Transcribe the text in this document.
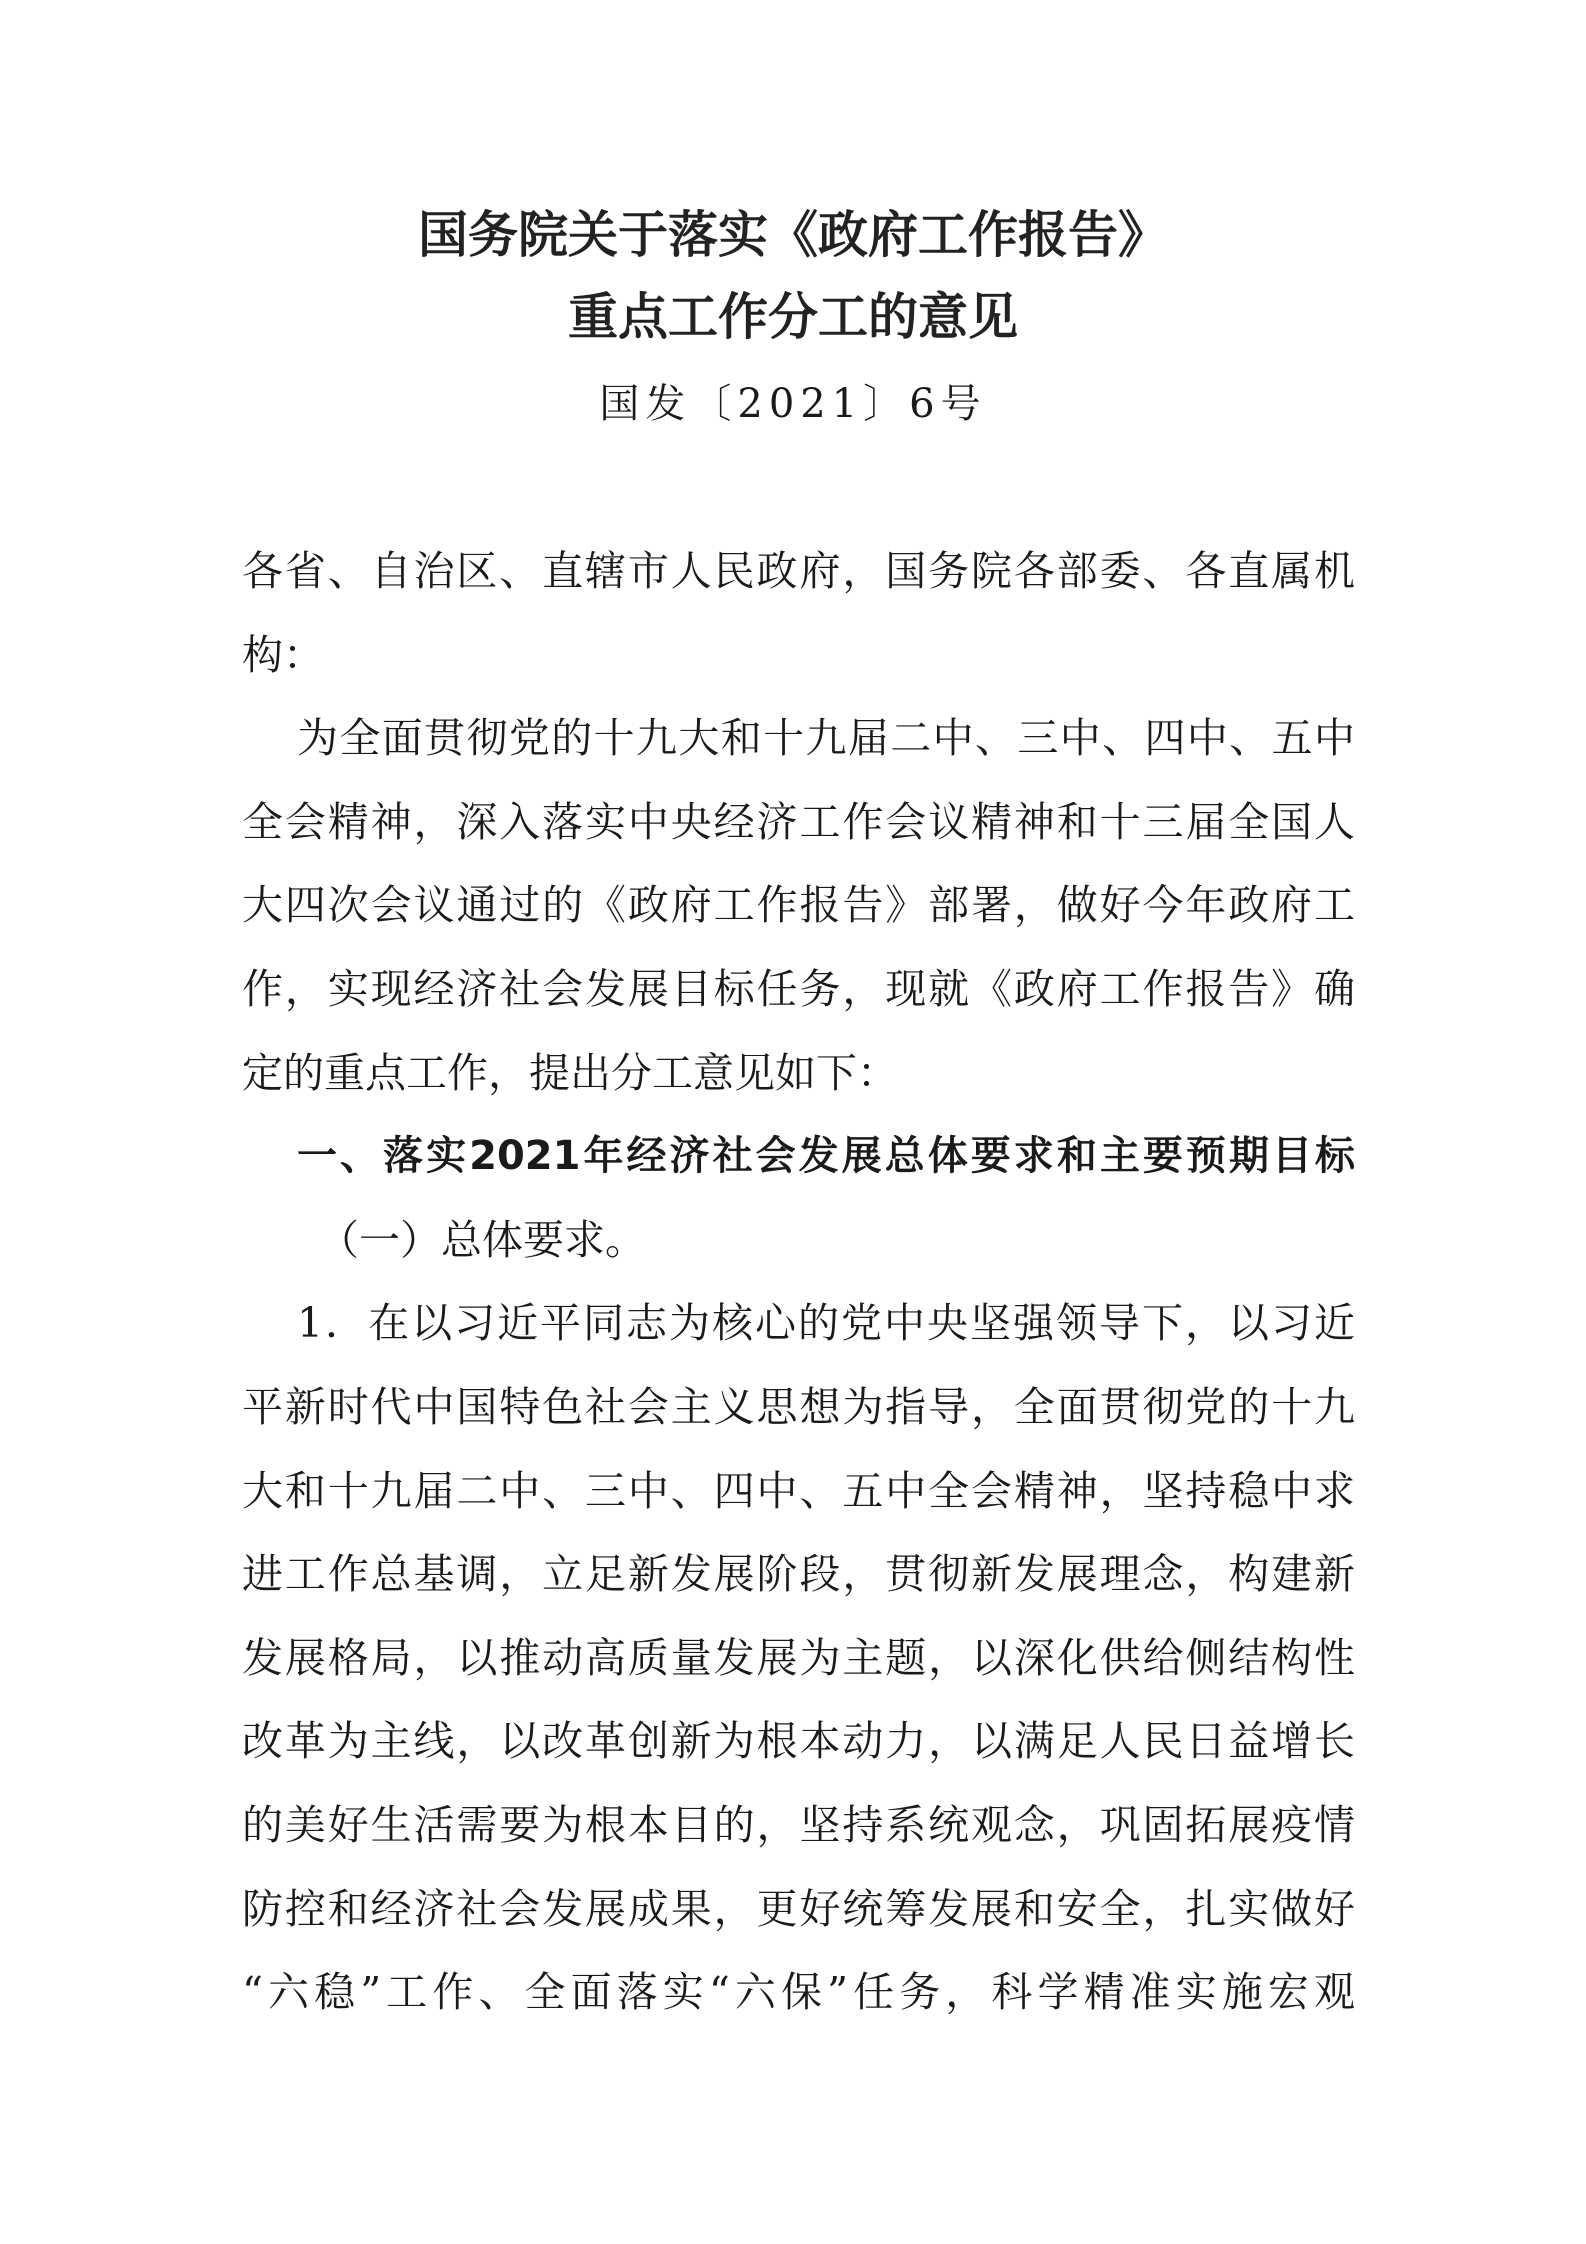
国务院关于落实《政府工作报告》
重点工作分工的意见
国发〔2021〕6号
各省、自治区、直辖市人民政府，国务院各部委、各直属机
构：
为全面贯彻党的十九大和十九届二中、三中、四中、五中
全会精神，深入落实中央经济工作会议精神和十三届全国人
大四次会议通过的《政府工作报告》部署，做好今年政府工
作，实现经济社会发展目标任务，现就《政府工作报告》确
定的重点工作，提出分工意见如下：
一、落实2021年经济社会发展总体要求和主要预期目标
（一）总体要求。
1．在以习近平同志为核心的党中央坚强领导下，以习近
平新时代中国特色社会主义思想为指导，全面贯彻党的十九
大和十九届二中、三中、四中、五中全会精神，坚持稳中求
进工作总基调，立足新发展阶段，贯彻新发展理念，构建新
发展格局，以推动高质量发展为主题，以深化供给侧结构性
改革为主线，以改革创新为根本动力，以满足人民日益增长
的美好生活需要为根本目的，坚持系统观念，巩固拓展疫情
防控和经济社会发展成果，更好统筹发展和安全，扎实做好
“六稳”工作、全面落实“六保”任务，科学精准实施宏观
